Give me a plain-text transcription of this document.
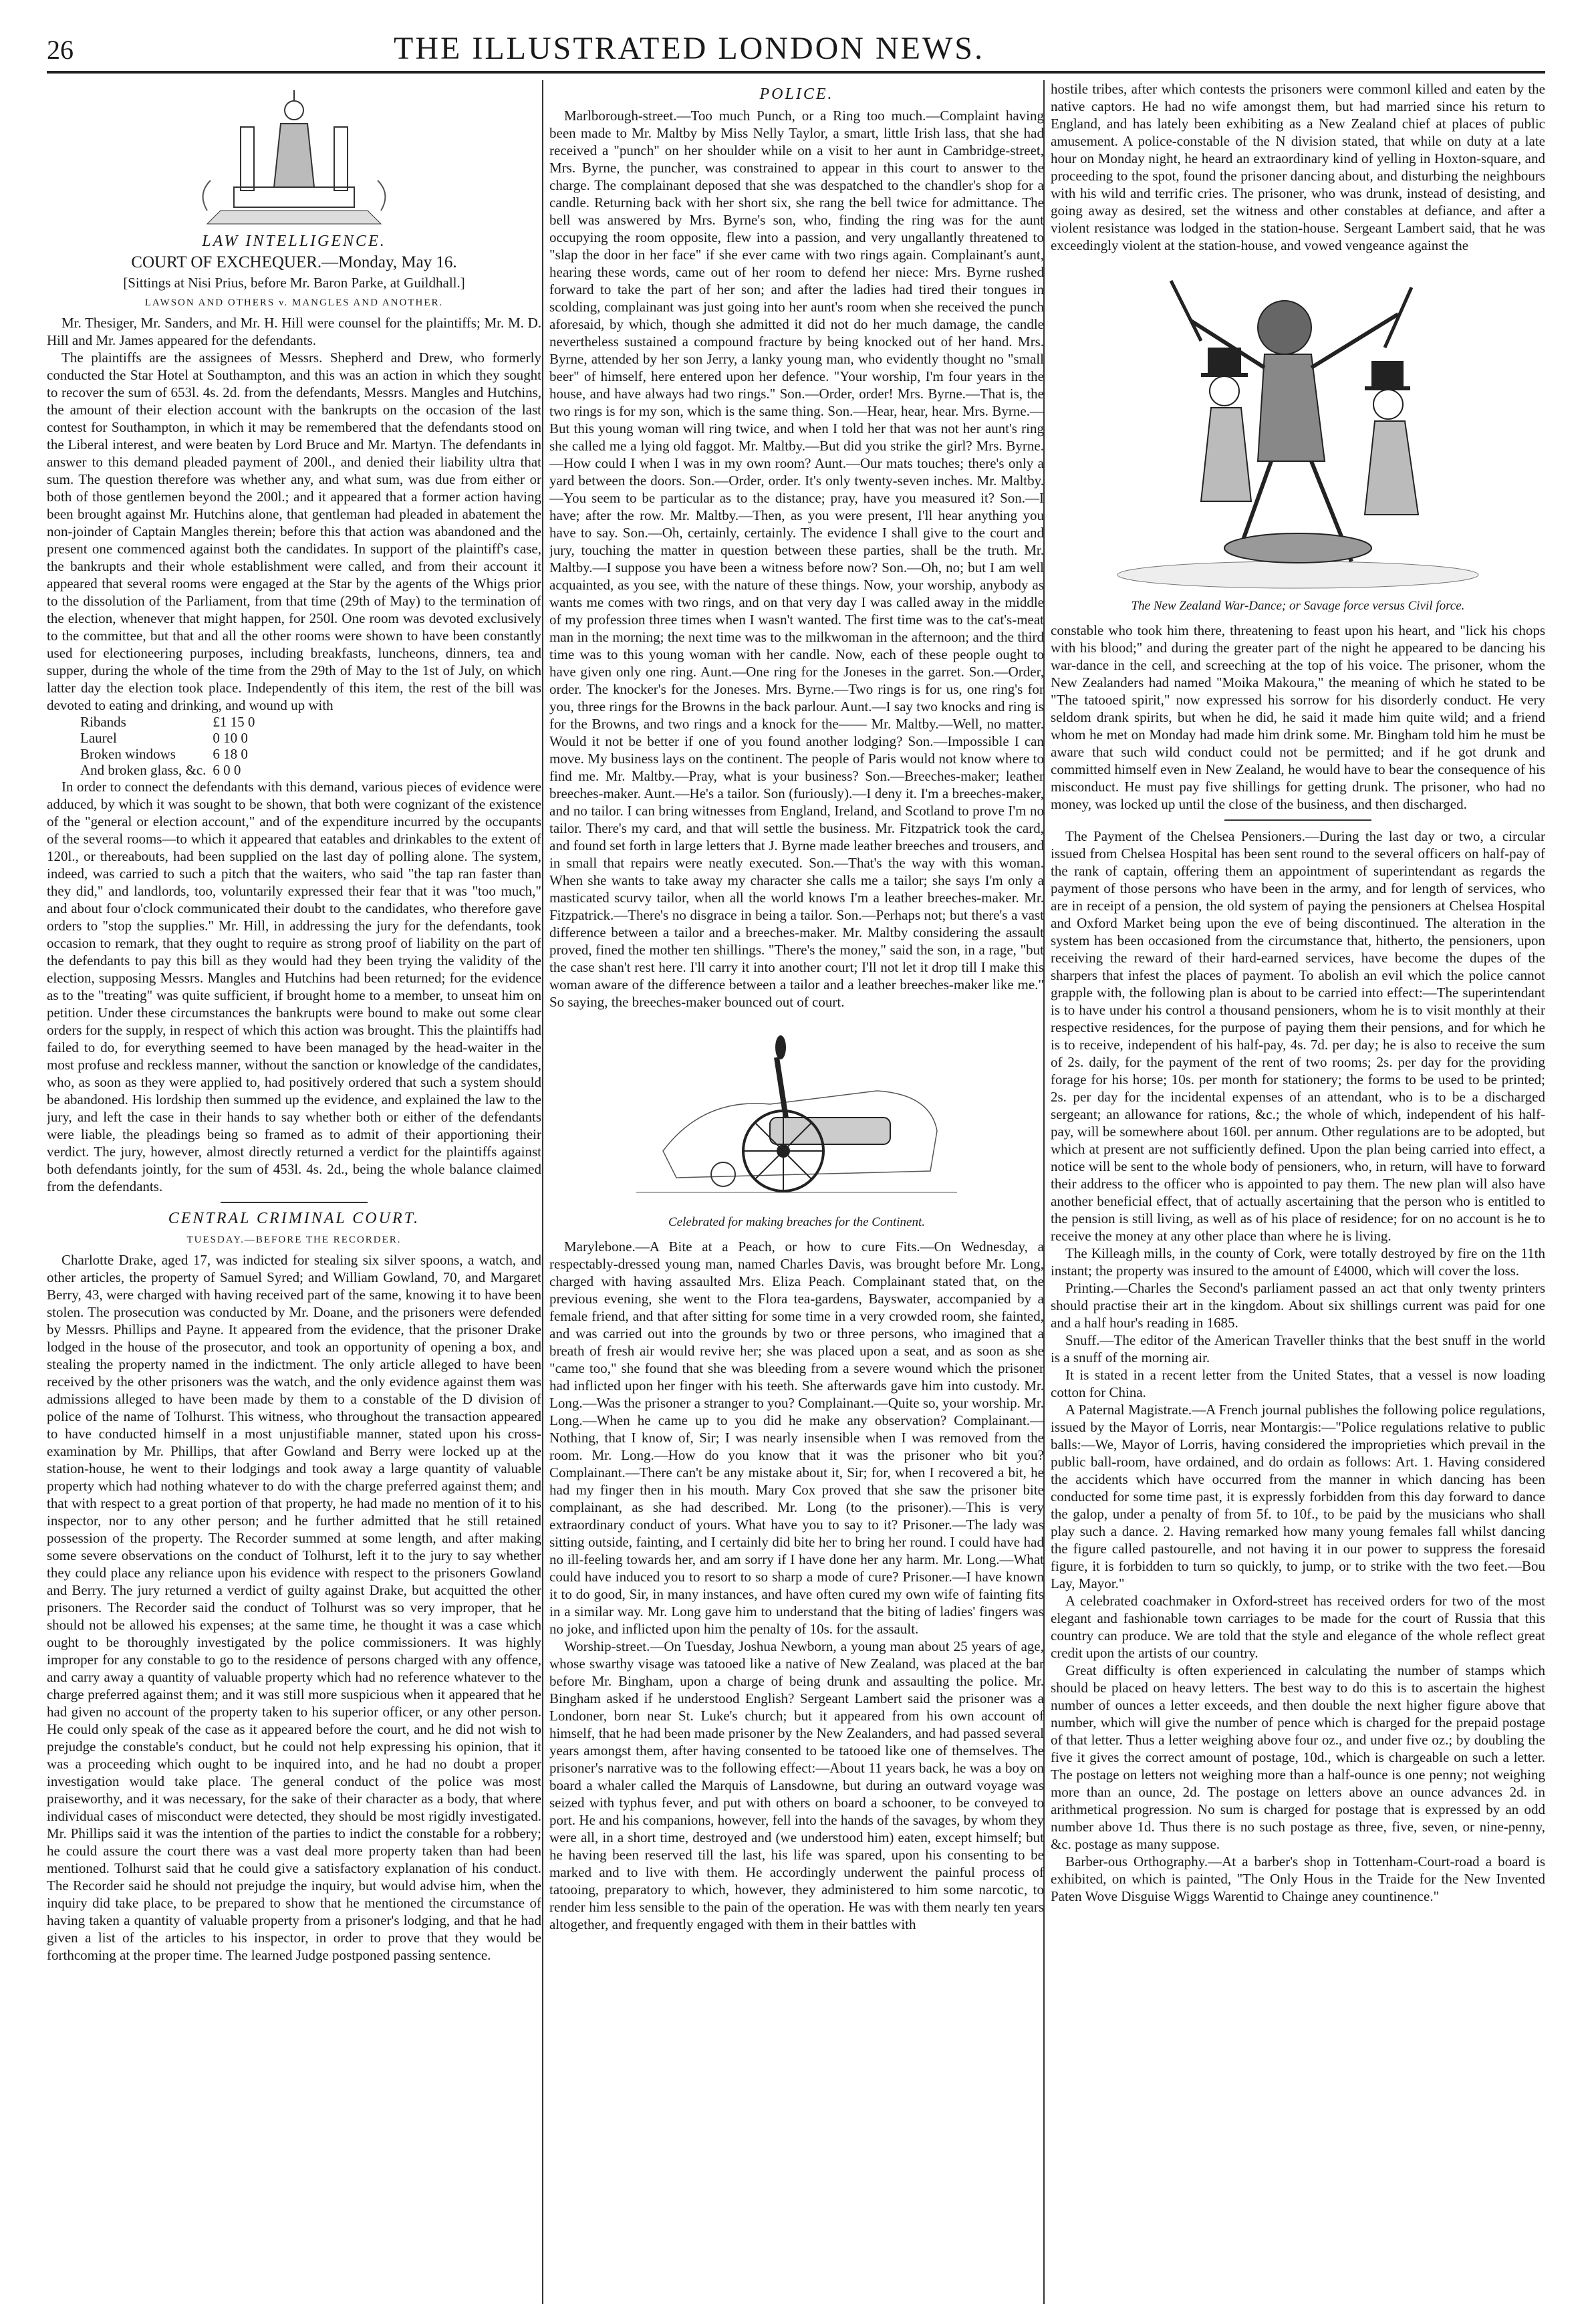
26	THE ILLUSTRATED LONDON NEWS.
LAW INTELLIGENCE.
COURT OF EXCHEQUER.—Monday, May 16.
[Sittings at Nisi Prius, before Mr. Baron Parke, at Guildhall.]
LAWSON AND OTHERS v. MANGLES AND ANOTHER.

Mr. Thesiger, Mr. Sanders, and Mr. H. Hill were counsel for the plaintiffs; Mr. M. D. Hill and Mr. James appeared for the defendants.

The plaintiffs are the assignees of Messrs. Shepherd and Drew, who formerly conducted the Star Hotel at Southampton, and this was an action in which they sought to recover the sum of 653l. 4s. 2d. from the defendants, Messrs. Mangles and Hutchins, the amount of their election account with the bankrupts on the occasion of the last contest for Southampton, in which it may be remembered that the defendants stood on the Liberal interest, and were beaten by Lord Bruce and Mr. Martyn. The defendants in answer to this demand pleaded payment of 200l., and denied their liability ultra that sum. The question therefore was whether any, and what sum, was due from either or both of those gentlemen beyond the 200l.; and it appeared that a former action having been brought against Mr. Hutchins alone, that gentleman had pleaded in abatement the non-joinder of Captain Mangles therein; before this that action was abandoned and the present one commenced against both the candidates. In support of the plaintiff's case, the bankrupts and their whole establishment were called, and from their account it appeared that several rooms were engaged at the Star by the agents of the Whigs prior to the dissolution of the Parliament, from that time (29th of May) to the termination of the election, whenever that might happen, for 250l. One room was devoted exclusively to the committee, but that and all the other rooms were shown to have been constantly used for electioneering purposes, including breakfasts, luncheons, dinners, tea and supper, during the whole of the time from the 29th of May to the 1st of July, on which latter day the election took place. Independently of this item, the rest of the bill was devoted to eating and drinking, and wound up with

Ribands	£1 15 0
Laurel	0 10 0
Broken windows	6 18 0
And broken glass, &c.	6 0 0

In order to connect the defendants with this demand, various pieces of evidence were adduced, by which it was sought to be shown, that both were cognizant of the existence of the "general or election account," and of the expenditure incurred by the occupants of the several rooms—to which it appeared that eatables and drinkables to the extent of 120l., or thereabouts, had been supplied on the last day of polling alone. The system, indeed, was carried to such a pitch that the waiters, who said "the tap ran faster than they did," and landlords, too, voluntarily expressed their fear that it was "too much," and about four o'clock communicated their doubt to the candidates, who therefore gave orders to "stop the supplies." Mr. Hill, in addressing the jury for the defendants, took occasion to remark, that they ought to require as strong proof of liability on the part of the defendants to pay this bill as they would had they been trying the validity of the election, supposing Messrs. Mangles and Hutchins had been returned; for the evidence as to the "treating" was quite sufficient, if brought home to a member, to unseat him on petition. Under these circumstances the bankrupts were bound to make out some clear orders for the supply, in respect of which this action was brought. This the plaintiffs had failed to do, for everything seemed to have been managed by the head-waiter in the most profuse and reckless manner, without the sanction or knowledge of the candidates, who, as soon as they were applied to, had positively ordered that such a system should be abandoned. His lordship then summed up the evidence, and explained the law to the jury, and left the case in their hands to say whether both or either of the defendants were liable, the pleadings being so framed as to admit of their apportioning their verdict. The jury, however, almost directly returned a verdict for the plaintiffs against both defendants jointly, for the sum of 453l. 4s. 2d., being the whole balance claimed from the defendants.

CENTRAL CRIMINAL COURT.
TUESDAY.—BEFORE THE RECORDER.

Charlotte Drake, aged 17, was indicted for stealing six silver spoons, a watch, and other articles, the property of Samuel Syred; and William Gowland, 70, and Margaret Berry, 43, were charged with having received part of the same, knowing it to have been stolen. The prosecution was conducted by Mr. Doane, and the prisoners were defended by Messrs. Phillips and Payne. It appeared from the evidence, that the prisoner Drake lodged in the house of the prosecutor, and took an opportunity of opening a box, and stealing the property named in the indictment. The only article alleged to have been received by the other prisoners was the watch, and the only evidence against them was admissions alleged to have been made by them to a constable of the D division of police of the name of Tolhurst. This witness, who throughout the transaction appeared to have conducted himself in a most unjustifiable manner, stated upon his cross-examination by Mr. Phillips, that after Gowland and Berry were locked up at the station-house, he went to their lodgings and took away a large quantity of valuable property which had nothing whatever to do with the charge preferred against them; and that with respect to a great portion of that property, he had made no mention of it to his inspector, nor to any other person; and he further admitted that he still retained possession of the property. The Recorder summed at some length, and after making some severe observations on the conduct of Tolhurst, left it to the jury to say whether they could place any reliance upon his evidence with respect to the prisoners Gowland and Berry. The jury returned a verdict of guilty against Drake, but acquitted the other prisoners. The Recorder said the conduct of Tolhurst was so very improper, that he should not be allowed his expenses; at the same time, he thought it was a case which ought to be thoroughly investigated by the police commissioners. It was highly improper for any constable to go to the residence of persons charged with any offence, and carry away a quantity of valuable property which had no reference whatever to the charge preferred against them; and it was still more suspicious when it appeared that he had given no account of the property taken to his superior officer, or any other person. He could only speak of the case as it appeared before the court, and he did not wish to prejudge the constable's conduct, but he could not help expressing his opinion, that it was a proceeding which ought to be inquired into, and he had no doubt a proper investigation would take place. The general conduct of the police was most praiseworthy, and it was necessary, for the sake of their character as a body, that where individual cases of misconduct were detected, they should be most rigidly investigated. Mr. Phillips said it was the intention of the parties to indict the constable for a robbery; he could assure the court there was a vast deal more property taken than had been mentioned. Tolhurst said that he could give a satisfactory explanation of his conduct. The Recorder said he should not prejudge the inquiry, but would advise him, when the inquiry did take place, to be prepared to show that he mentioned the circumstance of having taken a quantity of valuable property from a prisoner's lodging, and that he had given a list of the articles to his inspector, in order to prove that they would be forthcoming at the proper time. The learned Judge postponed passing sentence.

POLICE.

Marlborough-street.—Too much Punch, or a Ring too much.—Complaint having been made to Mr. Maltby by Miss Nelly Taylor, a smart, little Irish lass, that she had received a "punch" on her shoulder while on a visit to her aunt in Cambridge-street, Mrs. Byrne, the puncher, was constrained to appear in this court to answer to the charge. The complainant deposed that she was despatched to the chandler's shop for a candle. Returning back with her short six, she rang the bell twice for admittance. The bell was answered by Mrs. Byrne's son, who, finding the ring was for the aunt occupying the room opposite, flew into a passion, and very ungallantly threatened to "slap the door in her face" if she ever came with two rings again. Complainant's aunt, hearing these words, came out of her room to defend her niece: Mrs. Byrne rushed forward to take the part of her son; and after the ladies had tired their tongues in scolding, complainant was just going into her aunt's room when she received the punch aforesaid, by which, though she admitted it did not do her much damage, the candle nevertheless sustained a compound fracture by being knocked out of her hand. Mrs. Byrne, attended by her son Jerry, a lanky young man, who evidently thought no "small beer" of himself, here entered upon her defence. "Your worship, I'm four years in the house, and have always had two rings." Son.—Order, order! Mrs. Byrne.—That is, the two rings is for my son, which is the same thing. Son.—Hear, hear, hear. Mrs. Byrne.—But this young woman will ring twice, and when I told her that was not her aunt's ring she called me a lying old faggot. Mr. Maltby.—But did you strike the girl? Mrs. Byrne.—How could I when I was in my own room? Aunt.—Our mats touches; there's only a yard between the doors. Son.—Order, order. It's only twenty-seven inches. Mr. Maltby.—You seem to be particular as to the distance; pray, have you measured it? Son.—I have; after the row. Mr. Maltby.—Then, as you were present, I'll hear anything you have to say. Son.—Oh, certainly, certainly. The evidence I shall give to the court and jury, touching the matter in question between these parties, shall be the truth. Mr. Maltby.—I suppose you have been a witness before now? Son.—Oh, no; but I am well acquainted, as you see, with the nature of these things. Now, your worship, anybody as wants me comes with two rings, and on that very day I was called away in the middle of my profession three times when I wasn't wanted. The first time was to the cat's-meat man in the morning; the next time was to the milkwoman in the afternoon; and the third time was to this young woman with her candle. Now, each of these people ought to have given only one ring. Aunt.—One ring for the Joneses in the garret. Son.—Order, order. The knocker's for the Joneses. Mrs. Byrne.—Two rings is for us, one ring's for you, three rings for the Browns in the back parlour. Aunt.—I say two knocks and ring is for the Browns, and two rings and a knock for the—— Mr. Maltby.—Well, no matter. Would it not be better if one of you found another lodging? Son.—Impossible I can move. My business lays on the continent. The people of Paris would not know where to find me. Mr. Maltby.—Pray, what is your business? Son.—Breeches-maker; leather breeches-maker. Aunt.—He's a tailor. Son (furiously).—I deny it. I'm a breeches-maker, and no tailor. I can bring witnesses from England, Ireland, and Scotland to prove I'm no tailor. There's my card, and that will settle the business. Mr. Fitzpatrick took the card, and found set forth in large letters that J. Byrne made leather breeches and trousers, and in small that repairs were neatly executed. Son.—That's the way with this woman. When she wants to take away my character she calls me a tailor; she says I'm only a masticated scurvy tailor, when all the world knows I'm a leather breeches-maker. Mr. Fitzpatrick.—There's no disgrace in being a tailor. Son.—Perhaps not; but there's a vast difference between a tailor and a breeches-maker. Mr. Maltby considering the assault proved, fined the mother ten shillings. "There's the money," said the son, in a rage, "but the case shan't rest here. I'll carry it into another court; I'll not let it drop till I make this woman aware of the difference between a tailor and a leather breeches-maker like me." So saying, the breeches-maker bounced out of court.

Celebrated for making breaches for the Continent.

Marylebone.—A Bite at a Peach, or how to cure Fits.—On Wednesday, a respectably-dressed young man, named Charles Davis, was brought before Mr. Long, charged with having assaulted Mrs. Eliza Peach. Complainant stated that, on the previous evening, she went to the Flora tea-gardens, Bayswater, accompanied by a female friend, and that after sitting for some time in a very crowded room, she fainted, and was carried out into the grounds by two or three persons, who imagined that a breath of fresh air would revive her; she was placed upon a seat, and as soon as she "came too," she found that she was bleeding from a severe wound which the prisoner had inflicted upon her finger with his teeth. She afterwards gave him into custody. Mr. Long.—Was the prisoner a stranger to you? Complainant.—Quite so, your worship. Mr. Long.—When he came up to you did he make any observation? Complainant.—Nothing, that I know of, Sir; I was nearly insensible when I was removed from the room. Mr. Long.—How do you know that it was the prisoner who bit you? Complainant.—There can't be any mistake about it, Sir; for, when I recovered a bit, he had my finger then in his mouth. Mary Cox proved that she saw the prisoner bite complainant, as she had described. Mr. Long (to the prisoner).—This is very extraordinary conduct of yours. What have you to say to it? Prisoner.—The lady was sitting outside, fainting, and I certainly did bite her to bring her round. I could have had no ill-feeling towards her, and am sorry if I have done her any harm. Mr. Long.—What could have induced you to resort to so sharp a mode of cure? Prisoner.—I have known it to do good, Sir, in many instances, and have often cured my own wife of fainting fits in a similar way. Mr. Long gave him to understand that the biting of ladies' fingers was no joke, and inflicted upon him the penalty of 10s. for the assault.

Worship-street.—On Tuesday, Joshua Newborn, a young man about 25 years of age, whose swarthy visage was tatooed like a native of New Zealand, was placed at the bar before Mr. Bingham, upon a charge of being drunk and assaulting the police. Mr. Bingham asked if he understood English? Sergeant Lambert said the prisoner was a Londoner, born near St. Luke's church; but it appeared from his own account of himself, that he had been made prisoner by the New Zealanders, and had passed several years amongst them, after having consented to be tatooed like one of themselves. The prisoner's narrative was to the following effect:—About 11 years back, he was a boy on board a whaler called the Marquis of Lansdowne, but during an outward voyage was seized with typhus fever, and put with others on board a schooner, to be conveyed to port. He and his companions, however, fell into the hands of the savages, by whom they were all, in a short time, destroyed and (we understood him) eaten, except himself; but he having been reserved till the last, his life was spared, upon his consenting to be marked and to live with them. He accordingly underwent the painful process of tatooing, preparatory to which, however, they administered to him some narcotic, to render him less sensible to the pain of the operation. He was with them nearly ten years altogether, and frequently engaged with them in their battles with

hostile tribes, after which contests the prisoners were commonl killed and eaten by the native captors. He had no wife amongst them, but had married since his return to England, and has lately been exhibiting as a New Zealand chief at places of public amusement. A police-constable of the N division stated, that while on duty at a late hour on Monday night, he heard an extraordinary kind of yelling in Hoxton-square, and proceeding to the spot, found the prisoner dancing about, and disturbing the neighbours with his wild and terrific cries. The prisoner, who was drunk, instead of desisting, and going away as desired, set the witness and other constables at defiance, and after a violent resistance was lodged in the station-house. Sergeant Lambert said, that he was exceedingly violent at the station-house, and vowed vengeance against the

The New Zealand War-Dance; or Savage force versus Civil force.

constable who took him there, threatening to feast upon his heart, and "lick his chops with his blood;" and during the greater part of the night he appeared to be dancing his war-dance in the cell, and screeching at the top of his voice. The prisoner, whom the New Zealanders had named "Moika Makoura," the meaning of which he stated to be "The tatooed spirit," now expressed his sorrow for his disorderly conduct. He very seldom drank spirits, but when he did, he said it made him quite wild; and a friend whom he met on Monday had made him drink some. Mr. Bingham told him he must be aware that such wild conduct could not be permitted; and if he got drunk and committed himself even in New Zealand, he would have to bear the consequence of his misconduct. He must pay five shillings for getting drunk. The prisoner, who had no money, was locked up until the close of the business, and then discharged.

The Payment of the Chelsea Pensioners.—During the last day or two, a circular issued from Chelsea Hospital has been sent round to the several officers on half-pay of the rank of captain, offering them an appointment of superintendant as regards the payment of those persons who have been in the army, and for length of services, who are in receipt of a pension, the old system of paying the pensioners at Chelsea Hospital and Oxford Market being upon the eve of being discontinued. The alteration in the system has been occasioned from the circumstance that, hitherto, the pensioners, upon receiving the reward of their hard-earned services, have become the dupes of the sharpers that infest the places of payment. To abolish an evil which the police cannot grapple with, the following plan is about to be carried into effect:—The superintendant is to have under his control a thousand pensioners, whom he is to visit monthly at their respective residences, for the purpose of paying them their pensions, and for which he is to receive, independent of his half-pay, 4s. 7d. per day; he is also to receive the sum of 2s. daily, for the payment of the rent of two rooms; 2s. per day for the providing forage for his horse; 10s. per month for stationery; the forms to be used to be printed; 2s. per day for the incidental expenses of an attendant, who is to be a discharged sergeant; an allowance for rations, &c.; the whole of which, independent of his half-pay, will be somewhere about 160l. per annum. Other regulations are to be adopted, but which at present are not sufficiently defined. Upon the plan being carried into effect, a notice will be sent to the whole body of pensioners, who, in return, will have to forward their address to the officer who is appointed to pay them. The new plan will also have another beneficial effect, that of actually ascertaining that the person who is entitled to the pension is still living, as well as of his place of residence; for on no account is he to receive the money at any other place than where he is living.

The Killeagh mills, in the county of Cork, were totally destroyed by fire on the 11th instant; the property was insured to the amount of £4000, which will cover the loss.

Printing.—Charles the Second's parliament passed an act that only twenty printers should practise their art in the kingdom. About six shillings current was paid for one and a half hour's reading in 1685.

Snuff.—The editor of the American Traveller thinks that the best snuff in the world is a snuff of the morning air.

It is stated in a recent letter from the United States, that a vessel is now loading cotton for China.

A Paternal Magistrate.—A French journal publishes the following police regulations, issued by the Mayor of Lorris, near Montargis:—"Police regulations relative to public balls:—We, Mayor of Lorris, having considered the improprieties which prevail in the public ball-room, have ordained, and do ordain as follows: Art. 1. Having considered the accidents which have occurred from the manner in which dancing has been conducted for some time past, it is expressly forbidden from this day forward to dance the galop, under a penalty of from 5f. to 10f., to be paid by the musicians who shall play such a dance. 2. Having remarked how many young females fall whilst dancing the figure called pastourelle, and not having it in our power to suppress the foresaid figure, it is forbidden to turn so quickly, to jump, or to strike with the two feet.—Bou Lay, Mayor."

A celebrated coachmaker in Oxford-street has received orders for two of the most elegant and fashionable town carriages to be made for the court of Russia that this country can produce. We are told that the style and elegance of the whole reflect great credit upon the artists of our country.

Great difficulty is often experienced in calculating the number of stamps which should be placed on heavy letters. The best way to do this is to ascertain the highest number of ounces a letter exceeds, and then double the next higher figure above that number, which will give the number of pence which is charged for the prepaid postage of that letter. Thus a letter weighing above four oz., and under five oz.; by doubling the five it gives the correct amount of postage, 10d., which is chargeable on such a letter. The postage on letters not weighing more than a half-ounce is one penny; not weighing more than an ounce, 2d. The postage on letters above an ounce advances 2d. in arithmetical progression. No sum is charged for postage that is expressed by an odd number above 1d. Thus there is no such postage as three, five, seven, or nine-penny, &c. postage as many suppose.

Barber-ous Orthography.—At a barber's shop in Tottenham-Court-road a board is exhibited, on which is painted, "The Only Hous in the Traide for the New Invented Paten Wove Disguise Wiggs Warentid to Chainge aney countinence."
